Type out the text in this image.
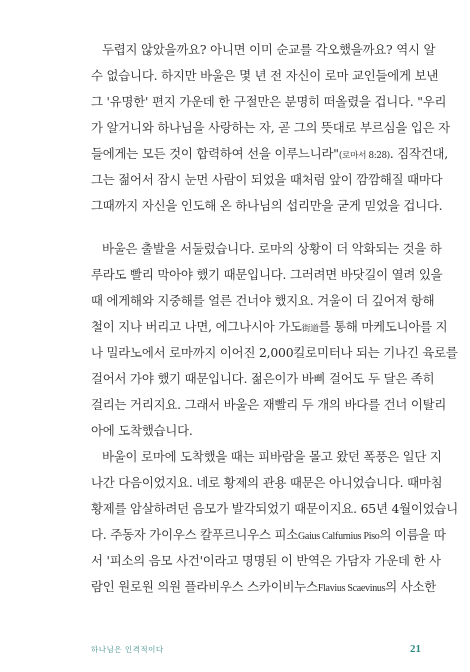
두렵지 않았을까요? 아니면 이미 순교를 각오했을까요? 역시 알
수 없습니다. 하지만 바울은 몇 년 전 자신이 로마 교인들에게 보낸
그 '유명한' 편지 가운데 한 구절만은 분명히 떠올렸을 겁니다. "우리
가 알거니와 하나님을 사랑하는 자, 곧 그의 뜻대로 부르심을 입은 자
들에게는 모든 것이 합력하여 선을 이루느니라"(로마서 8:28). 짐작건대,
그는 젊어서 잠시 눈먼 사람이 되었을 때처럼 앞이 깜깜해질 때마다
그때까지 자신을 인도해 온 하나님의 섭리만을 굳게 믿었을 겁니다.
바울은 출발을 서둘렀습니다. 로마의 상황이 더 악화되는 것을 하
루라도 빨리 막아야 했기 때문입니다. 그러려면 바닷길이 열려 있을
때 에게해와 지중해를 얼른 건너야 했지요. 겨울이 더 깊어져 항해
철이 지나 버리고 나면, 에그나시아 가도街道를 통해 마케도니아를 지
나 밀라노에서 로마까지 이어진 2,000킬로미터나 되는 기나긴 육로를
걸어서 가야 했기 때문입니다. 젊은이가 바삐 걸어도 두 달은 족히
걸리는 거리지요. 그래서 바울은 재빨리 두 개의 바다를 건너 이탈리
아에 도착했습니다.
바울이 로마에 도착했을 때는 피바람을 몰고 왔던 폭풍은 일단 지
나간 다음이었지요. 네로 황제의 관용 때문은 아니었습니다. 때마침
황제를 암살하려던 음모가 발각되었기 때문이지요. 65년 4월이었습니
다. 주동자 가이우스 칼푸르니우스 피소Gaius Calfurnius Piso의 이름을 따
서 '피소의 음모 사건'이라고 명명된 이 반역은 가담자 가운데 한 사
람인 원로원 의원 플라비우스 스카이비누스Flavius Scaevinus의 사소한
하나님은 인격적이다	21
